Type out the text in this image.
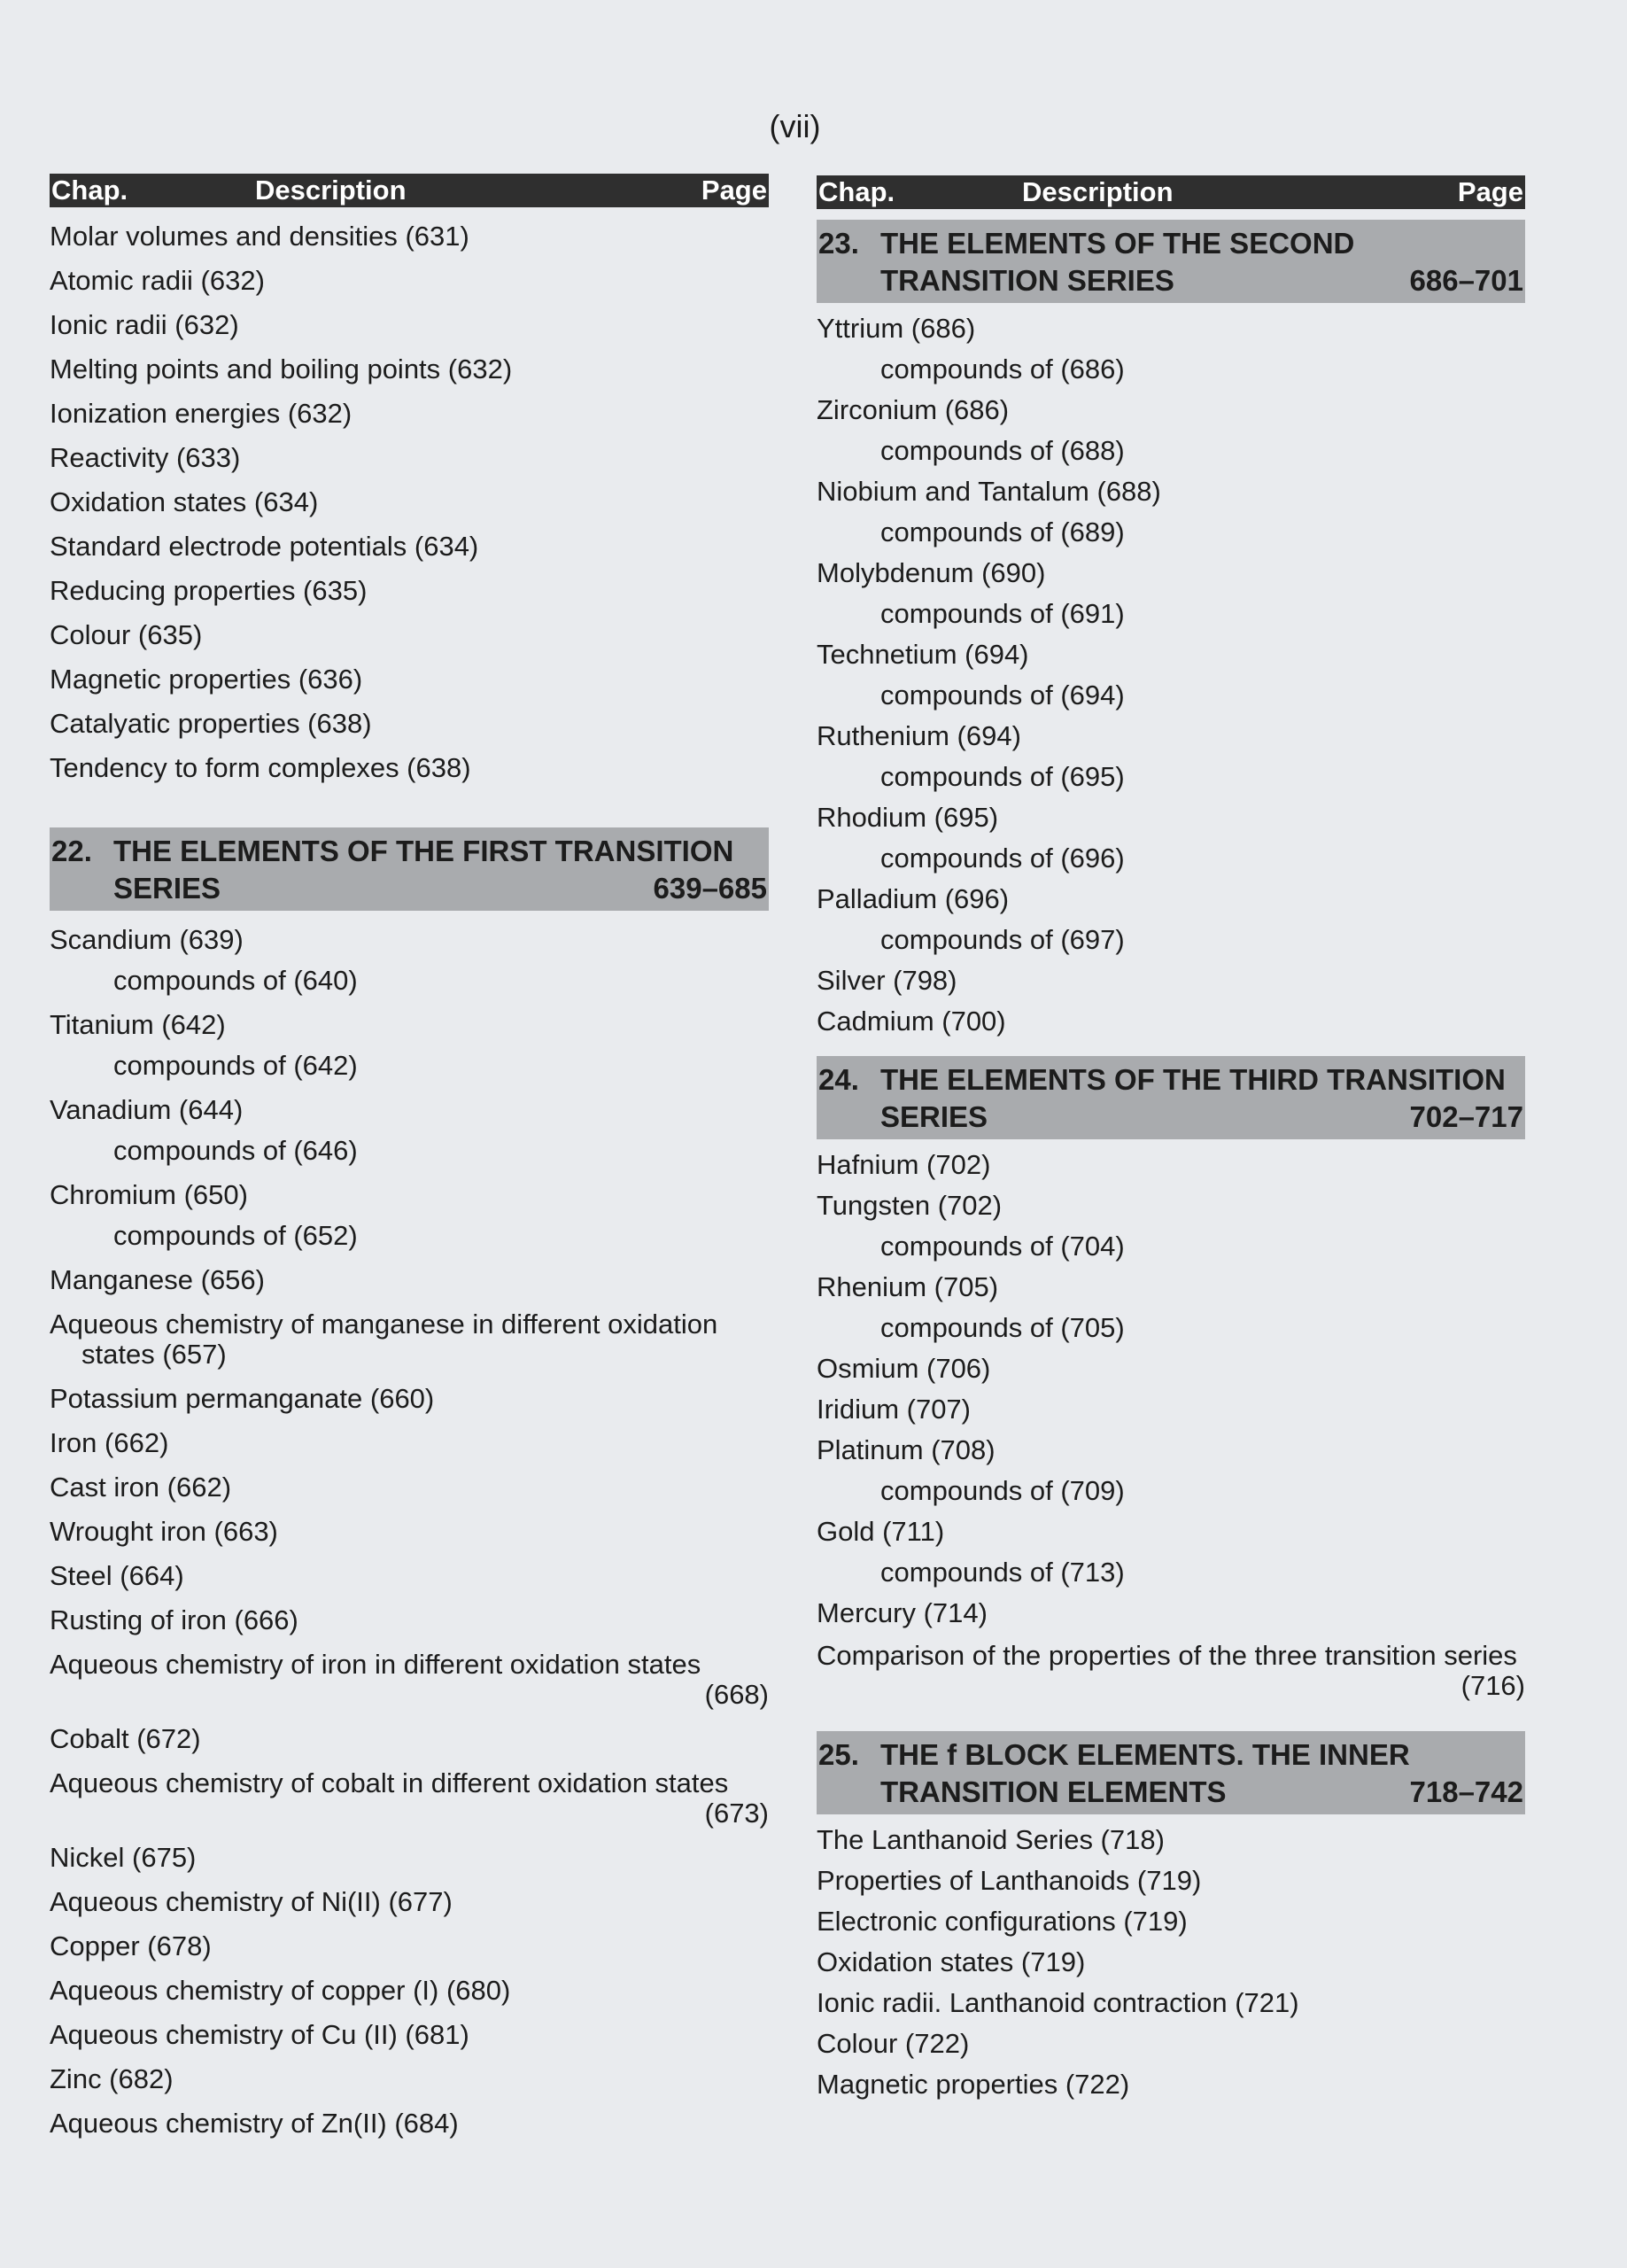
(vii)
Chap.	Description	Page
Molar volumes and densities (631)
Atomic radii (632)
Ionic radii (632)
Melting points and boiling points (632)
Ionization energies (632)
Reactivity (633)
Oxidation states (634)
Standard electrode potentials (634)
Reducing properties (635)
Colour (635)
Magnetic properties (636)
Catalyatic properties (638)
Tendency to form complexes (638)
22. THE ELEMENTS OF THE FIRST TRANSITION
SERIES	639–685
Scandium (639)
compounds of (640)
Titanium (642)
compounds of (642)
Vanadium (644)
compounds of (646)
Chromium (650)
compounds of (652)
Manganese (656)
Aqueous chemistry of manganese in different oxidation
states (657)
Potassium permanganate (660)
Iron (662)
Cast iron (662)
Wrought iron (663)
Steel (664)
Rusting of iron (666)
Aqueous chemistry of iron in different oxidation states
(668)
Cobalt (672)
Aqueous chemistry of cobalt in different oxidation states
(673)
Nickel (675)
Aqueous chemistry of Ni(II) (677)
Copper (678)
Aqueous chemistry of copper (I) (680)
Aqueous chemistry of Cu (II) (681)
Zinc (682)
Aqueous chemistry of Zn(II) (684)
Chap.	Description	Page
23. THE ELEMENTS OF THE SECOND
TRANSITION SERIES	686–701
Yttrium (686)
compounds of (686)
Zirconium (686)
compounds of (688)
Niobium and Tantalum (688)
compounds of (689)
Molybdenum (690)
compounds of (691)
Technetium (694)
compounds of (694)
Ruthenium (694)
compounds of (695)
Rhodium (695)
compounds of (696)
Palladium (696)
compounds of (697)
Silver (798)
Cadmium (700)
24. THE ELEMENTS OF THE THIRD TRANSITION
SERIES	702–717
Hafnium (702)
Tungsten (702)
compounds of (704)
Rhenium (705)
compounds of (705)
Osmium (706)
Iridium (707)
Platinum (708)
compounds of (709)
Gold (711)
compounds of (713)
Mercury (714)
Comparison of the properties of the three transition series
(716)
25. THE f BLOCK ELEMENTS. THE INNER
TRANSITION ELEMENTS	718–742
The Lanthanoid Series (718)
Properties of Lanthanoids (719)
Electronic configurations (719)
Oxidation states (719)
Ionic radii. Lanthanoid contraction (721)
Colour (722)
Magnetic properties (722)
